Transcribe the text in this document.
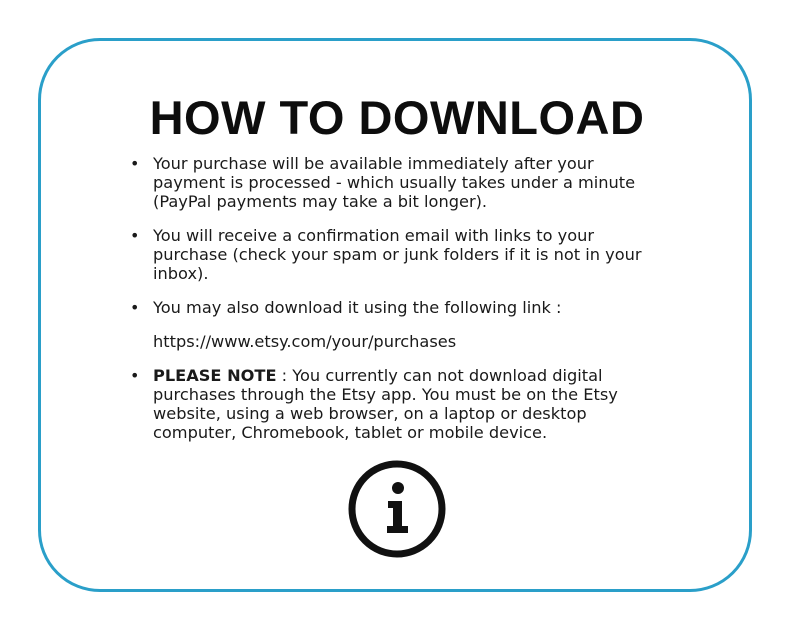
HOW TO DOWNLOAD
• Your purchase will be available immediately after your payment is processed - which usually takes under a minute (PayPal payments may take a bit longer).
• You will receive a confirmation email with links to your purchase (check your spam or junk folders if it is not in your inbox).
• You may also download it using the following link :
https://www.etsy.com/your/purchases
• PLEASE NOTE : You currently can not download digital purchases through the Etsy app. You must be on the Etsy website, using a web browser, on a laptop or desktop computer, Chromebook, tablet or mobile device.
